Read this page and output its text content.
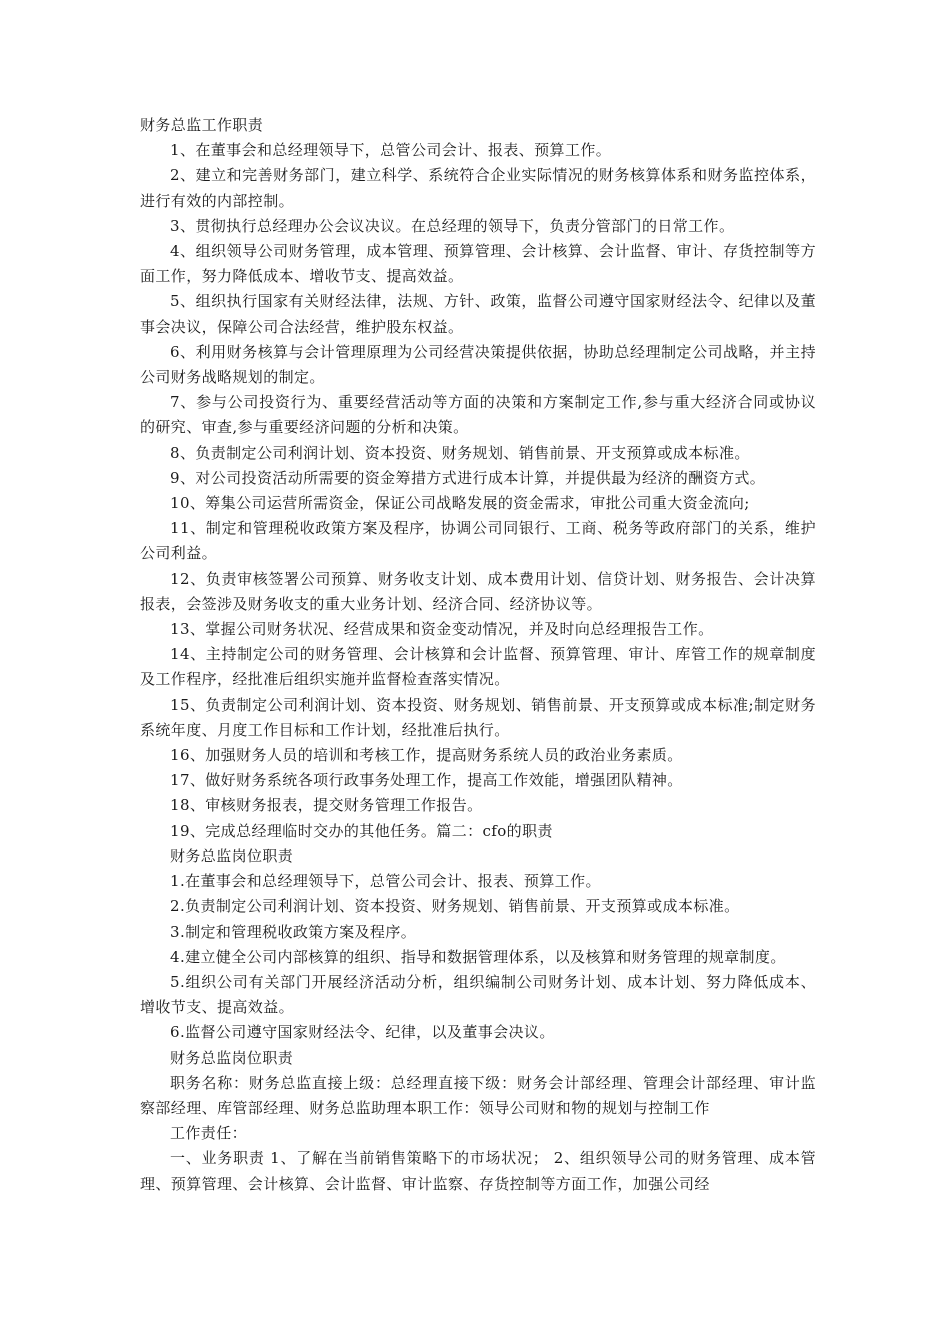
财务总监工作职责

1、在董事会和总经理领导下，总管公司会计、报表、预算工作。

2、建立和完善财务部门，建立科学、系统符合企业实际情况的财务核算体系和财务监控体系，进行有效的内部控制。

3、贯彻执行总经理办公会议决议。在总经理的领导下，负责分管部门的日常工作。

4、组织领导公司财务管理，成本管理、预算管理、会计核算、会计监督、审计、存货控制等方面工作，努力降低成本、增收节支、提高效益。

5、组织执行国家有关财经法律，法规、方针、政策，监督公司遵守国家财经法令、纪律以及董事会决议，保障公司合法经营，维护股东权益。

6、利用财务核算与会计管理原理为公司经营决策提供依据，协助总经理制定公司战略，并主持公司财务战略规划的制定。

7、参与公司投资行为、重要经营活动等方面的决策和方案制定工作,参与重大经济合同或协议的研究、审查,参与重要经济问题的分析和决策。

8、负责制定公司利润计划、资本投资、财务规划、销售前景、开支预算或成本标准。

9、对公司投资活动所需要的资金筹措方式进行成本计算，并提供最为经济的酬资方式。

10、筹集公司运营所需资金，保证公司战略发展的资金需求，审批公司重大资金流向;

11、制定和管理税收政策方案及程序，协调公司同银行、工商、税务等政府部门的关系，维护公司利益。

12、负责审核签署公司预算、财务收支计划、成本费用计划、信贷计划、财务报告、会计决算报表，会签涉及财务收支的重大业务计划、经济合同、经济协议等。

13、掌握公司财务状况、经营成果和资金变动情况，并及时向总经理报告工作。

14、主持制定公司的财务管理、会计核算和会计监督、预算管理、审计、库管工作的规章制度及工作程序，经批准后组织实施并监督检查落实情况。

15、负责制定公司利润计划、资本投资、财务规划、销售前景、开支预算或成本标准;制定财务系统年度、月度工作目标和工作计划，经批准后执行。

16、加强财务人员的培训和考核工作，提高财务系统人员的政治业务素质。

17、做好财务系统各项行政事务处理工作，提高工作效能，增强团队精神。

18、审核财务报表，提交财务管理工作报告。

19、完成总经理临时交办的其他任务。篇二：cfo的职责

财务总监岗位职责

1.在董事会和总经理领导下，总管公司会计、报表、预算工作。

2.负责制定公司利润计划、资本投资、财务规划、销售前景、开支预算或成本标准。

3.制定和管理税收政策方案及程序。

4.建立健全公司内部核算的组织、指导和数据管理体系，以及核算和财务管理的规章制度。

5.组织公司有关部门开展经济活动分析，组织编制公司财务计划、成本计划、努力降低成本、增收节支、提高效益。

6.监督公司遵守国家财经法令、纪律，以及董事会决议。

财务总监岗位职责

职务名称：财务总监直接上级：总经理直接下级：财务会计部经理、管理会计部经理、审计监察部经理、库管部经理、财务总监助理本职工作：领导公司财和物的规划与控制工作

工作责任：

一、业务职责 1、了解在当前销售策略下的市场状况； 2、组织领导公司的财务管理、成本管理、预算管理、会计核算、会计监督、审计监察、存货控制等方面工作，加强公司经
